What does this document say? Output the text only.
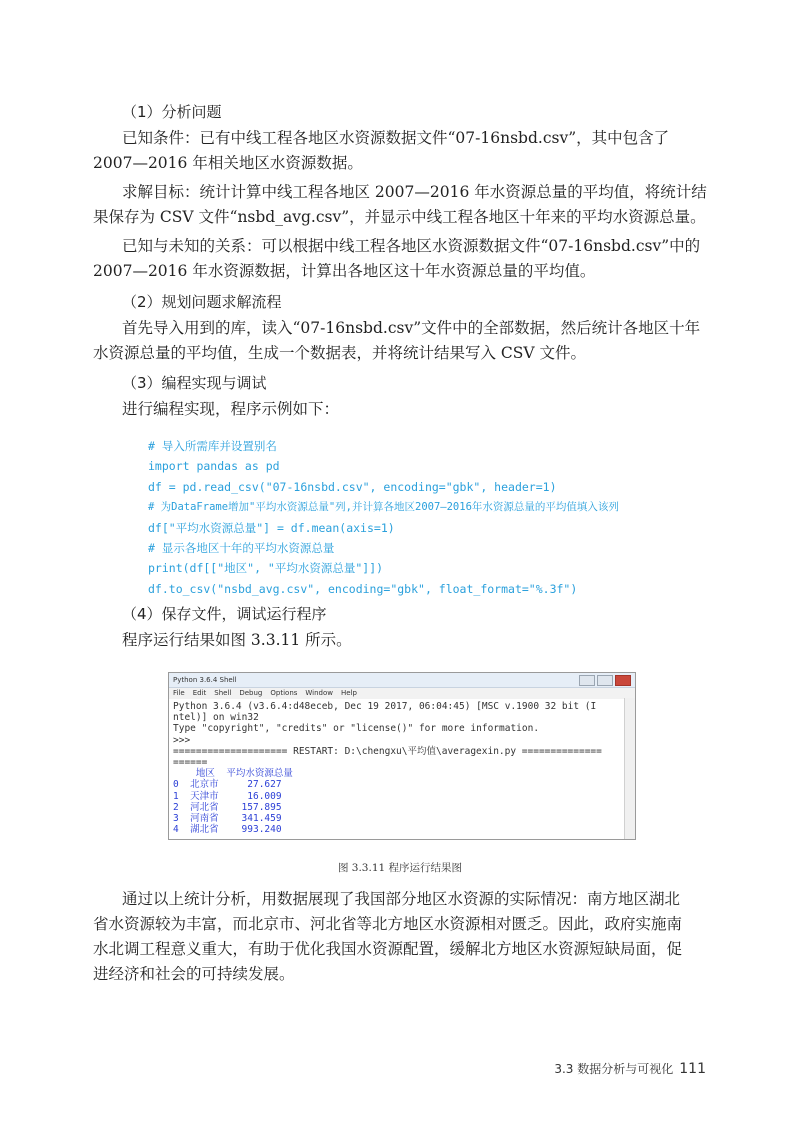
（1）分析问题
已知条件：已有中线工程各地区水资源数据文件“07-16nsbd.csv”，其中包含了
2007—2016 年相关地区水资源数据。
求解目标：统计计算中线工程各地区 2007—2016 年水资源总量的平均值，将统计结
果保存为 CSV 文件“nsbd_avg.csv”，并显示中线工程各地区十年来的平均水资源总量。
已知与未知的关系：可以根据中线工程各地区水资源数据文件“07-16nsbd.csv”中的
2007—2016 年水资源数据，计算出各地区这十年水资源总量的平均值。
（2）规划问题求解流程
首先导入用到的库，读入“07-16nsbd.csv”文件中的全部数据，然后统计各地区十年
水资源总量的平均值，生成一个数据表，并将统计结果写入 CSV 文件。
（3）编程实现与调试
进行编程实现，程序示例如下：
# 导入所需库并设置别名
import pandas as pd
df = pd.read_csv("07-16nsbd.csv", encoding="gbk", header=1)
# 为DataFrame增加"平均水资源总量"列,并计算各地区2007—2016年水资源总量的平均值填入该列
df["平均水资源总量"] = df.mean(axis=1)
# 显示各地区十年的平均水资源总量
print(df[["地区", "平均水资源总量"]])
df.to_csv("nsbd_avg.csv", encoding="gbk", float_format="%.3f")
（4）保存文件，调试运行程序
程序运行结果如图 3.3.11 所示。
Python 3.6.4 Shell
File Edit Shell Debug Options Window Help
Python 3.6.4 (v3.6.4:d48eceb, Dec 19 2017, 06:04:45) [MSC v.1900 32 bit (I
ntel)] on win32
Type "copyright", "credits" or "license()" for more information.
>>>
==================== RESTART: D:\chengxu\平均值\averagexin.py ==============
======
地区  平均水资源总量
0  北京市     27.627
1  天津市     16.009
2  河北省    157.895
3  河南省    341.459
4  湖北省    993.240
图 3.3.11 程序运行结果图
通过以上统计分析，用数据展现了我国部分地区水资源的实际情况：南方地区湖北
省水资源较为丰富，而北京市、河北省等北方地区水资源相对匮乏。因此，政府实施南
水北调工程意义重大，有助于优化我国水资源配置，缓解北方地区水资源短缺局面，促
进经济和社会的可持续发展。
3.3 数据分析与可视化 111
